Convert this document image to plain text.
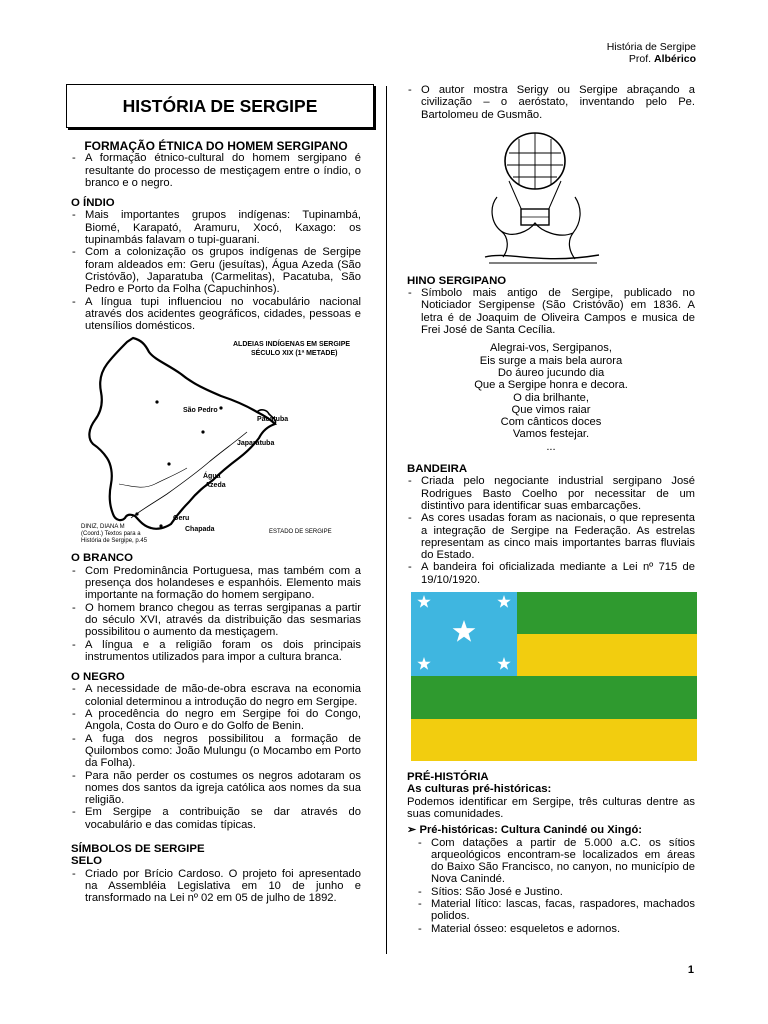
História de Sergipe
Prof. Albérico
HISTÓRIA DE SERGIPE
FORMAÇÃO ÉTNICA DO HOMEM SERGIPANO
- A formação étnico-cultural do homem sergipano é resultante do processo de mestiçagem entre o índio, o branco e o negro.
O ÍNDIO
- Mais importantes grupos indígenas: Tupinambá, Biomé, Karapató, Aramuru, Xocó, Kaxago: os tupinambás falavam o tupi-guarani.
- Com a colonização os grupos indígenas de Sergipe foram aldeados em: Geru (jesuítas), Água Azeda (São Cristóvão), Japaratuba (Carmelitas), Pacatuba, São Pedro e Porto da Folha (Capuchinhos).
- A língua tupi influenciou no vocabulário nacional através dos acidentes geográficos, cidades, pessoas e utensílios domésticos.
ALDEIAS INDÍGENAS EM SERGIPE
SÉCULO XIX (1ª METADE)
São Pedro
Pacatuba
Japaratuba
Água
Azeda
Geru
Chapada
DINIZ, DIANA M
(Coord.) Textos para a
História de Sergipe, p.45
ESTADO DE SERGIPE
O BRANCO
- Com Predominância Portuguesa, mas também com a presença dos holandeses e espanhóis. Elemento mais importante na formação do homem sergipano.
- O homem branco chegou as terras sergipanas a partir do século XVI, através da distribuição das sesmarias possibilitou o aumento da mestiçagem.
- A língua e a religião foram os dois principais instrumentos utilizados para impor a cultura branca.
O NEGRO
- A necessidade de mão-de-obra escrava na economia colonial determinou a introdução do negro em Sergipe.
- A procedência do negro em Sergipe foi do Congo, Angola, Costa do Ouro e do Golfo de Benin.
- A fuga dos negros possibilitou a formação de Quilombos como: João Mulungu (o Mocambo em Porto da Folha).
- Para não perder os costumes os negros adotaram os nomes dos santos da igreja católica aos nomes da sua religião.
- Em Sergipe a contribuição se dar através do vocabulário e das comidas típicas.
SÍMBOLOS DE SERGIPE
SELO
- Criado por Brício Cardoso. O projeto foi apresentado na Assembléia Legislativa em 10 de junho e transformado na Lei nº 02 em 05 de julho de 1892.
- O autor mostra Serigy ou Sergipe abraçando a civilização – o aeróstato, inventando pelo Pe. Bartolomeu de Gusmão.
HINO SERGIPANO
- Símbolo mais antigo de Sergipe, publicado no Noticiador Sergipense (São Cristóvão) em 1836. A letra é de Joaquim de Oliveira Campos e musica de Frei José de Santa Cecília.
Alegrai-vos, Sergipanos,
Eis surge a mais bela aurora
Do áureo jucundo dia
Que a Sergipe honra e decora.
O dia brilhante,
Que vimos raiar
Com cânticos doces
Vamos festejar.
...
BANDEIRA
- Criada pelo negociante industrial sergipano José Rodrigues Basto Coelho por necessitar de um distintivo para identificar suas embarcações.
- As cores usadas foram as nacionais, o que representa a integração de Sergipe na Federação. As estrelas representam as cinco mais importantes barras fluviais do Estado.
- A bandeira foi oficializada mediante a Lei nº 715 de 19/10/1920.
PRÉ-HISTÓRIA
As culturas pré-históricas:

Podemos identificar em Sergipe, três culturas dentre as suas comunidades.

➢ Pré-históricas: Cultura Canindé ou Xingó:
- Com datações a partir de 5.000 a.C. os sítios arqueológicos encontram-se localizados em áreas do Baixo São Francisco, no canyon, no município de Nova Canindé.
- Sítios: São José e Justino.
- Material lítico: lascas, facas, raspadores, machados polidos.
- Material ósseo: esqueletos e adornos.
1
